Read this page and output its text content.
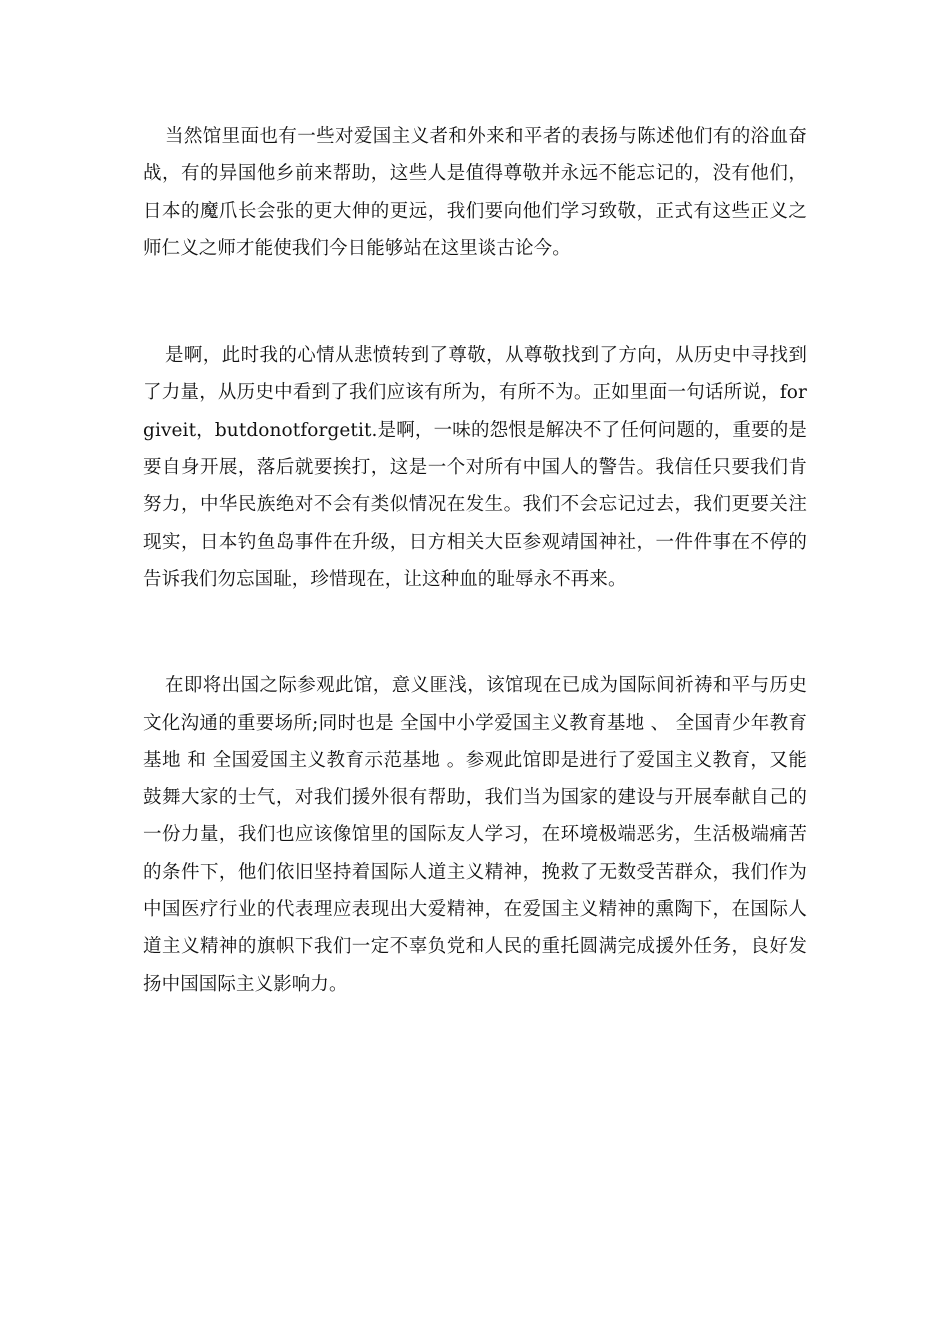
当然馆里面也有一些对爱国主义者和外来和平者的表扬与陈述他们有的浴血奋战，有的异国他乡前来帮助，这些人是值得尊敬并永远不能忘记的，没有他们，日本的魔爪长会张的更大伸的更远，我们要向他们学习致敬，正式有这些正义之师仁义之师才能使我们今日能够站在这里谈古论今。

是啊，此时我的心情从悲愤转到了尊敬，从尊敬找到了方向，从历史中寻找到了力量，从历史中看到了我们应该有所为，有所不为。正如里面一句话所说，forgiveit，butdonotforgetit.是啊，一味的怨恨是解决不了任何问题的，重要的是要自身开展，落后就要挨打，这是一个对所有中国人的警告。我信任只要我们肯努力，中华民族绝对不会有类似情况在发生。我们不会忘记过去，我们更要关注现实，日本钓鱼岛事件在升级，日方相关大臣参观靖国神社，一件件事在不停的告诉我们勿忘国耻，珍惜现在，让这种血的耻辱永不再来。

在即将出国之际参观此馆，意义匪浅，该馆现在已成为国际间祈祷和平与历史文化沟通的重要场所;同时也是 全国中小学爱国主义教育基地 、 全国青少年教育基地 和 全国爱国主义教育示范基地 。参观此馆即是进行了爱国主义教育，又能鼓舞大家的士气，对我们援外很有帮助，我们当为国家的建设与开展奉献自己的一份力量，我们也应该像馆里的国际友人学习，在环境极端恶劣，生活极端痛苦的条件下，他们依旧坚持着国际人道主义精神，挽救了无数受苦群众，我们作为中国医疗行业的代表理应表现出大爱精神，在爱国主义精神的熏陶下，在国际人道主义精神的旗帜下我们一定不辜负党和人民的重托圆满完成援外任务，良好发扬中国国际主义影响力。
